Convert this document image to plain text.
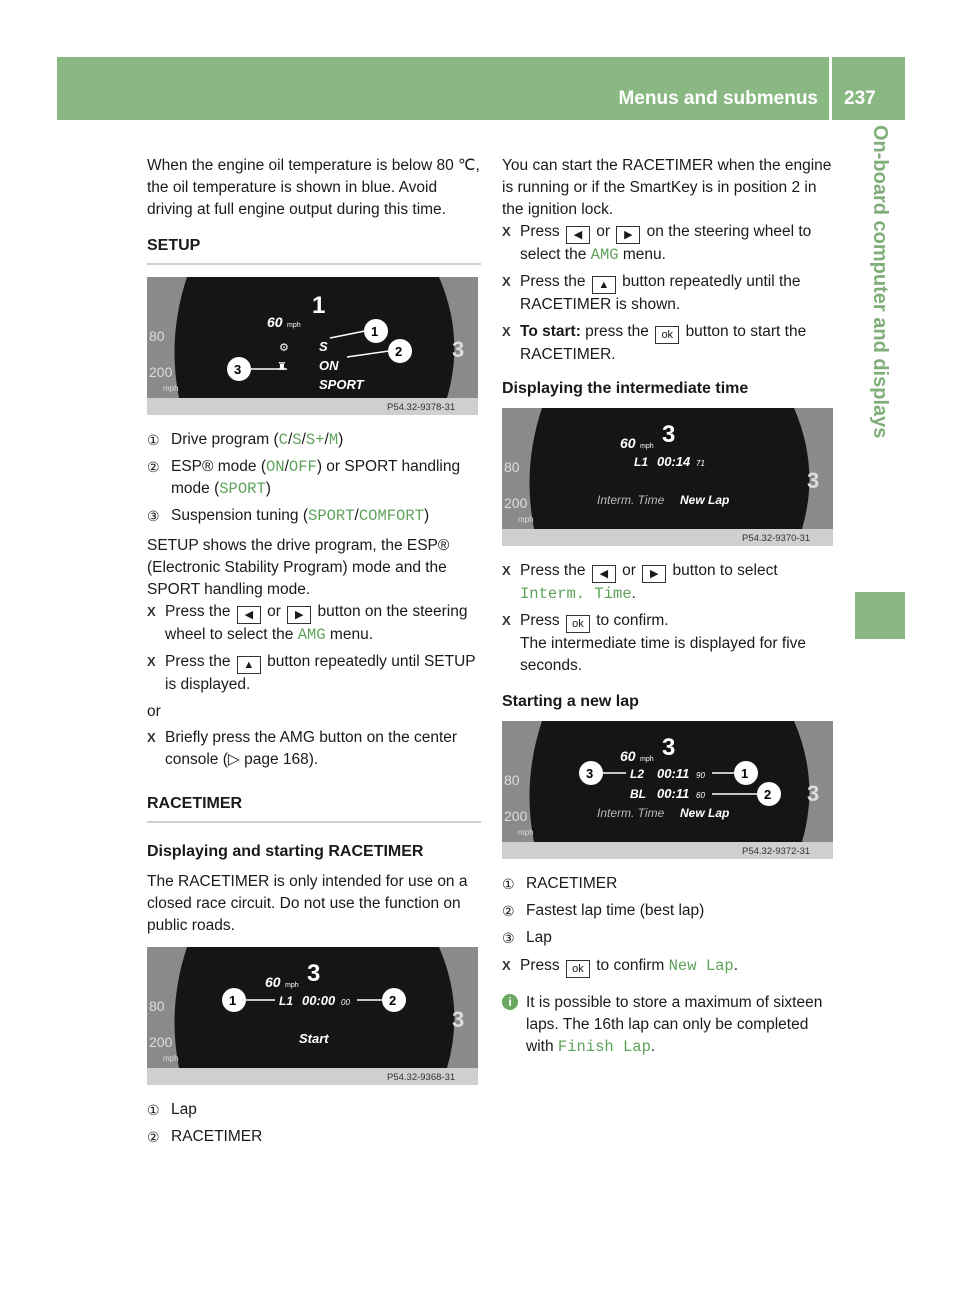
Menus and submenus 237
On-board computer and displays

When the engine oil temperature is below 80 ℃, the oil temperature is shown in blue. Avoid driving at full engine output during this time.

SETUP
80
200
mph
3
60 mph
1
⚙ S
♜ ON
SPORT
1
2
3
P54.32-9378-31
① Drive program (C/S/S+/M)
② ESP® mode (ON/OFF) or SPORT handling mode (SPORT)
③ Suspension tuning (SPORT/COMFORT)

SETUP shows the drive program, the ESP® (Electronic Stability Program) mode and the SPORT handling mode.

X Press the ◀ or ▶ button on the steering wheel to select the AMG menu.
X Press the ▲ button repeatedly until SETUP is displayed.

or

X Briefly press the AMG button on the center console (▷ page 168).
RACETIMER
Displaying and starting RACETIMER

The RACETIMER is only intended for use on a closed race circuit. Do not use the function on public roads.

80
200
mph
3
60 mph 3
L1 00:00 00
Start
1	2
P54.32-9368-31
① Lap
② RACETIMER

You can start the RACETIMER when the engine is running or if the SmartKey is in position 2 in the ignition lock.

X Press ◀ or ▶ on the steering wheel to select the AMG menu.
X Press the ▲ button repeatedly until the RACETIMER is shown.
X To start: press the ok button to start the RACETIMER.
Displaying the intermediate time
80
200
mph
3
60 mph 3
L1 00:14 71
Interm. Time New Lap
P54.32-9370-31
X Press the ◀ or ▶ button to select Interm. Time.
X Press ok to confirm.
The intermediate time is displayed for five seconds.
Starting a new lap
80
200
mph
3
60 mph 3
L2 00:11 90
BL 00:11 60
Interm. Time New Lap
3	1
2
P54.32-9372-31
① RACETIMER
② Fastest lap time (best lap)
③ Lap
X Press ok to confirm New Lap.
i It is possible to store a maximum of sixteen laps. The 16th lap can only be completed with Finish Lap.
